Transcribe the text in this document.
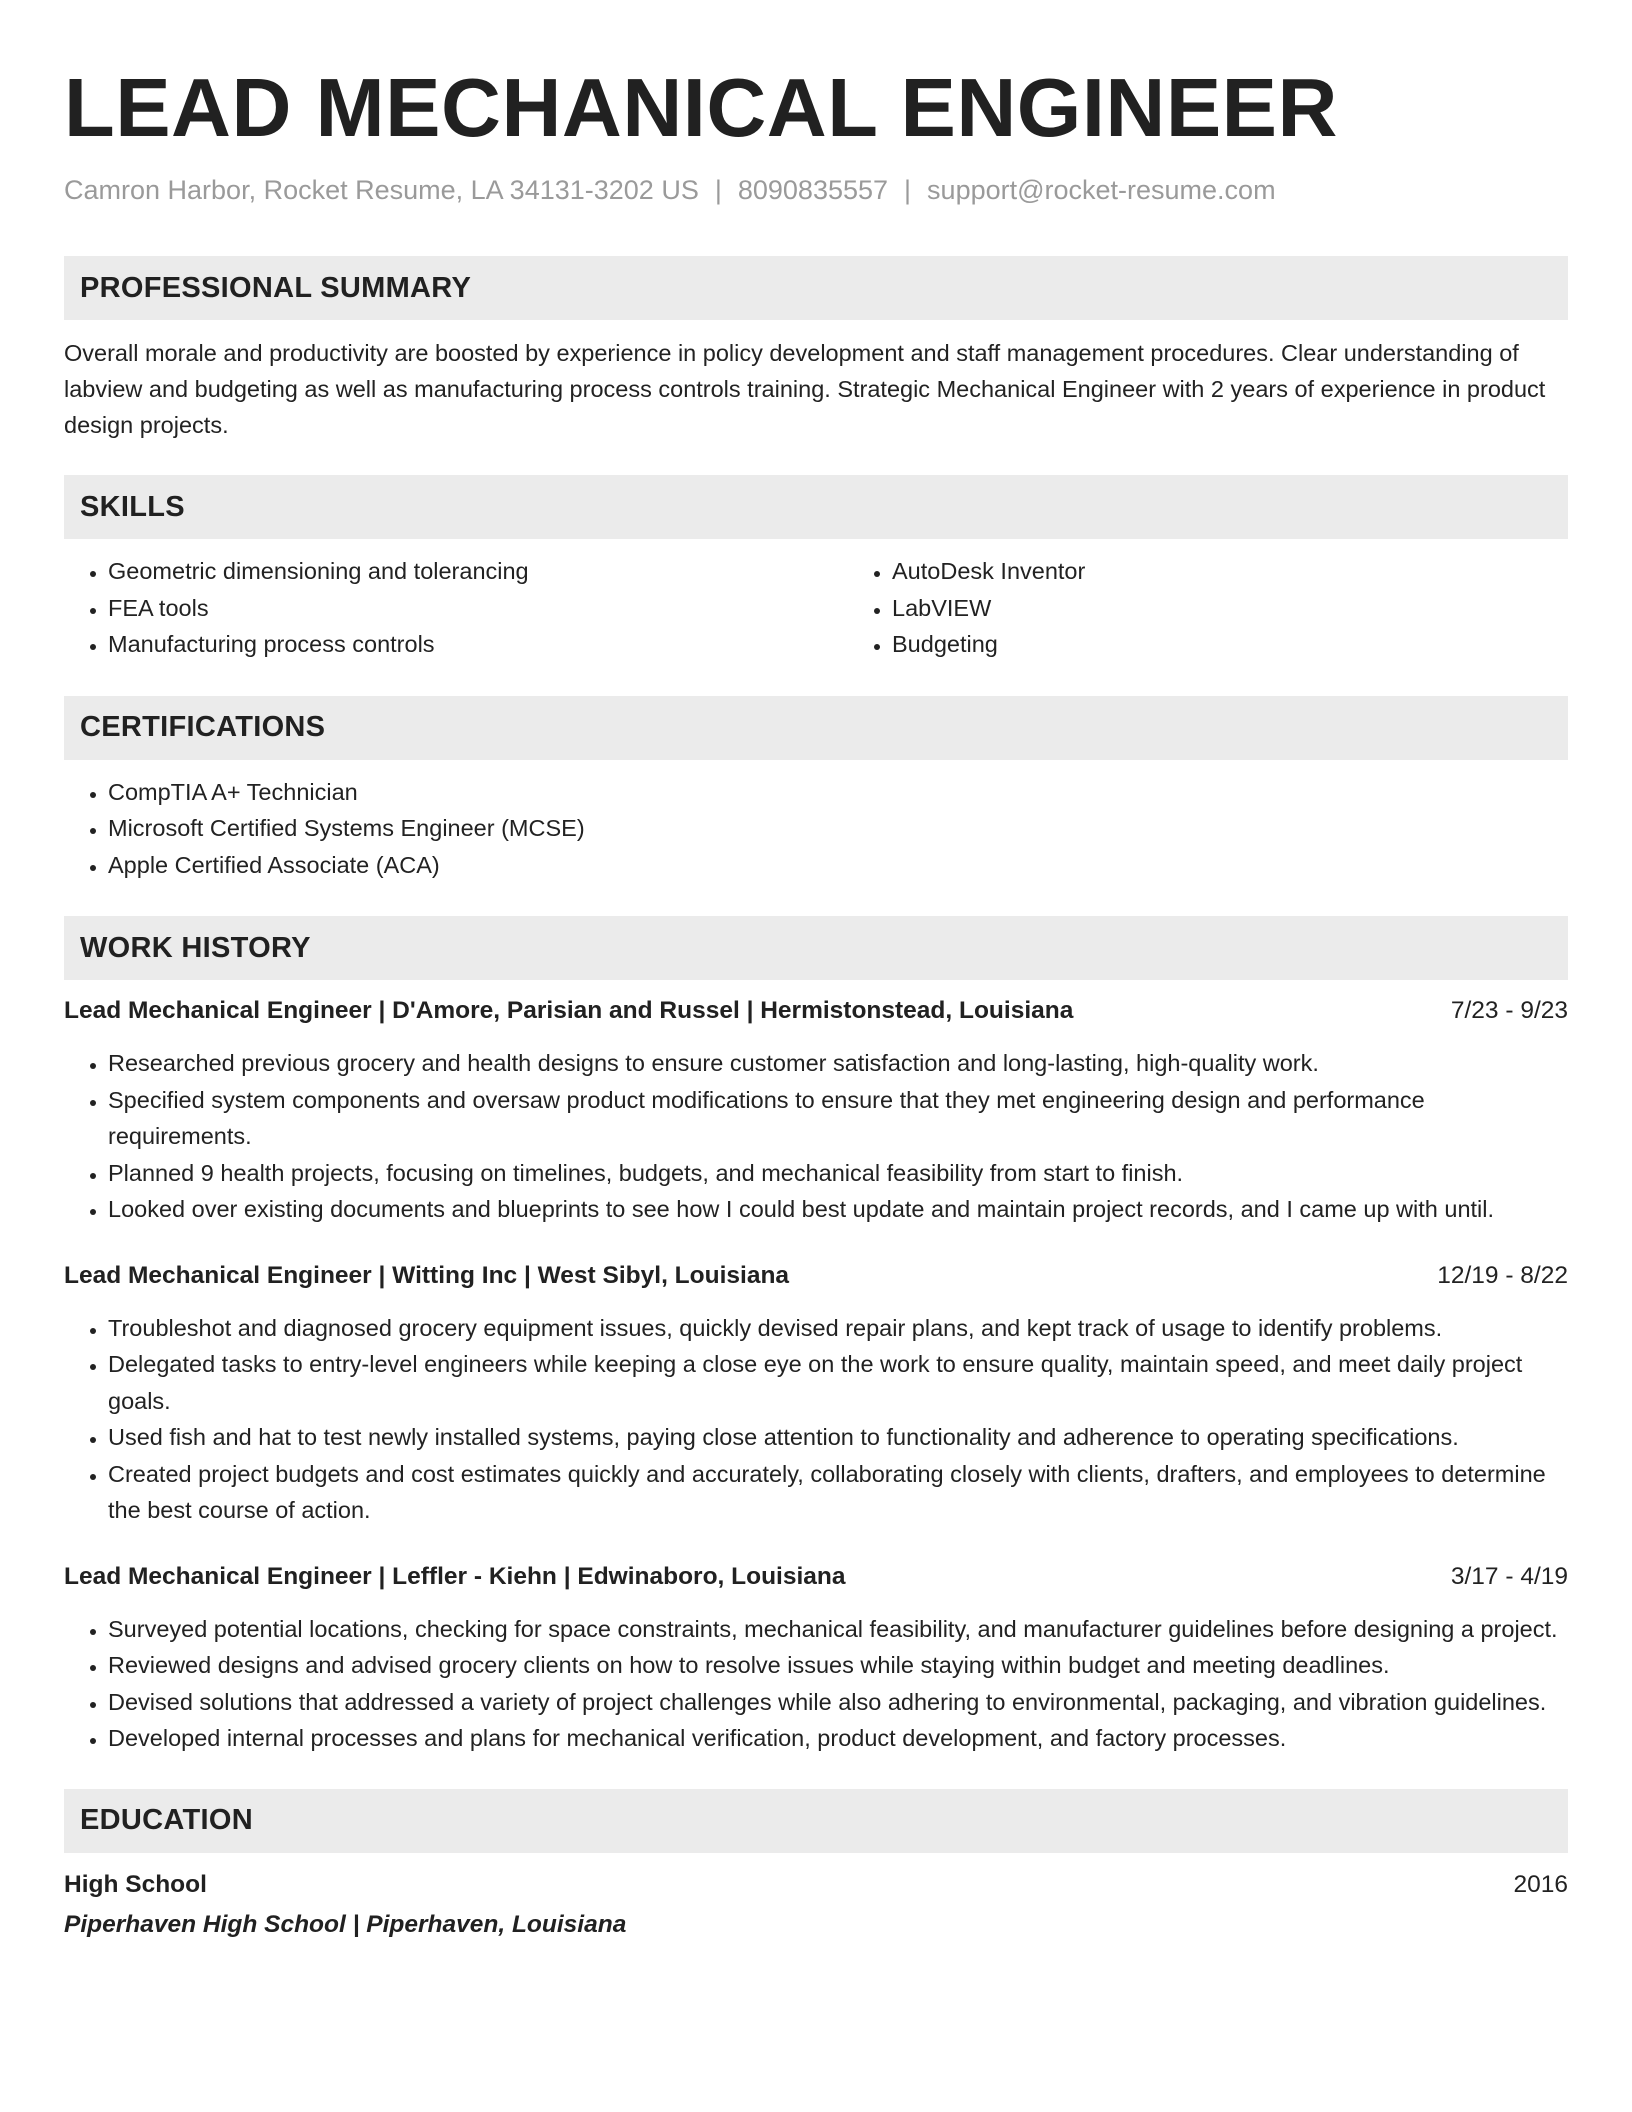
LEAD MECHANICAL ENGINEER
Camron Harbor, Rocket Resume, LA 34131-3202 US | 8090835557 | support@rocket-resume.com
PROFESSIONAL SUMMARY
Overall morale and productivity are boosted by experience in policy development and staff management procedures. Clear understanding of labview and budgeting as well as manufacturing process controls training. Strategic Mechanical Engineer with 2 years of experience in product design projects.
SKILLS
• Geometric dimensioning and tolerancing
• FEA tools
• Manufacturing process controls
• AutoDesk Inventor
• LabVIEW
• Budgeting
CERTIFICATIONS
• CompTIA A+ Technician
• Microsoft Certified Systems Engineer (MCSE)
• Apple Certified Associate (ACA)
WORK HISTORY
Lead Mechanical Engineer | D'Amore, Parisian and Russel | Hermistonstead, Louisiana	7/23 - 9/23
• Researched previous grocery and health designs to ensure customer satisfaction and long-lasting, high-quality work.
• Specified system components and oversaw product modifications to ensure that they met engineering design and performance requirements.
• Planned 9 health projects, focusing on timelines, budgets, and mechanical feasibility from start to finish.
• Looked over existing documents and blueprints to see how I could best update and maintain project records, and I came up with until.
Lead Mechanical Engineer | Witting Inc | West Sibyl, Louisiana	12/19 - 8/22
• Troubleshot and diagnosed grocery equipment issues, quickly devised repair plans, and kept track of usage to identify problems.
• Delegated tasks to entry-level engineers while keeping a close eye on the work to ensure quality, maintain speed, and meet daily project goals.
• Used fish and hat to test newly installed systems, paying close attention to functionality and adherence to operating specifications.
• Created project budgets and cost estimates quickly and accurately, collaborating closely with clients, drafters, and employees to determine the best course of action.
Lead Mechanical Engineer | Leffler - Kiehn | Edwinaboro, Louisiana	3/17 - 4/19
• Surveyed potential locations, checking for space constraints, mechanical feasibility, and manufacturer guidelines before designing a project.
• Reviewed designs and advised grocery clients on how to resolve issues while staying within budget and meeting deadlines.
• Devised solutions that addressed a variety of project challenges while also adhering to environmental, packaging, and vibration guidelines.
• Developed internal processes and plans for mechanical verification, product development, and factory processes.
EDUCATION
High School	2016
Piperhaven High School | Piperhaven, Louisiana
